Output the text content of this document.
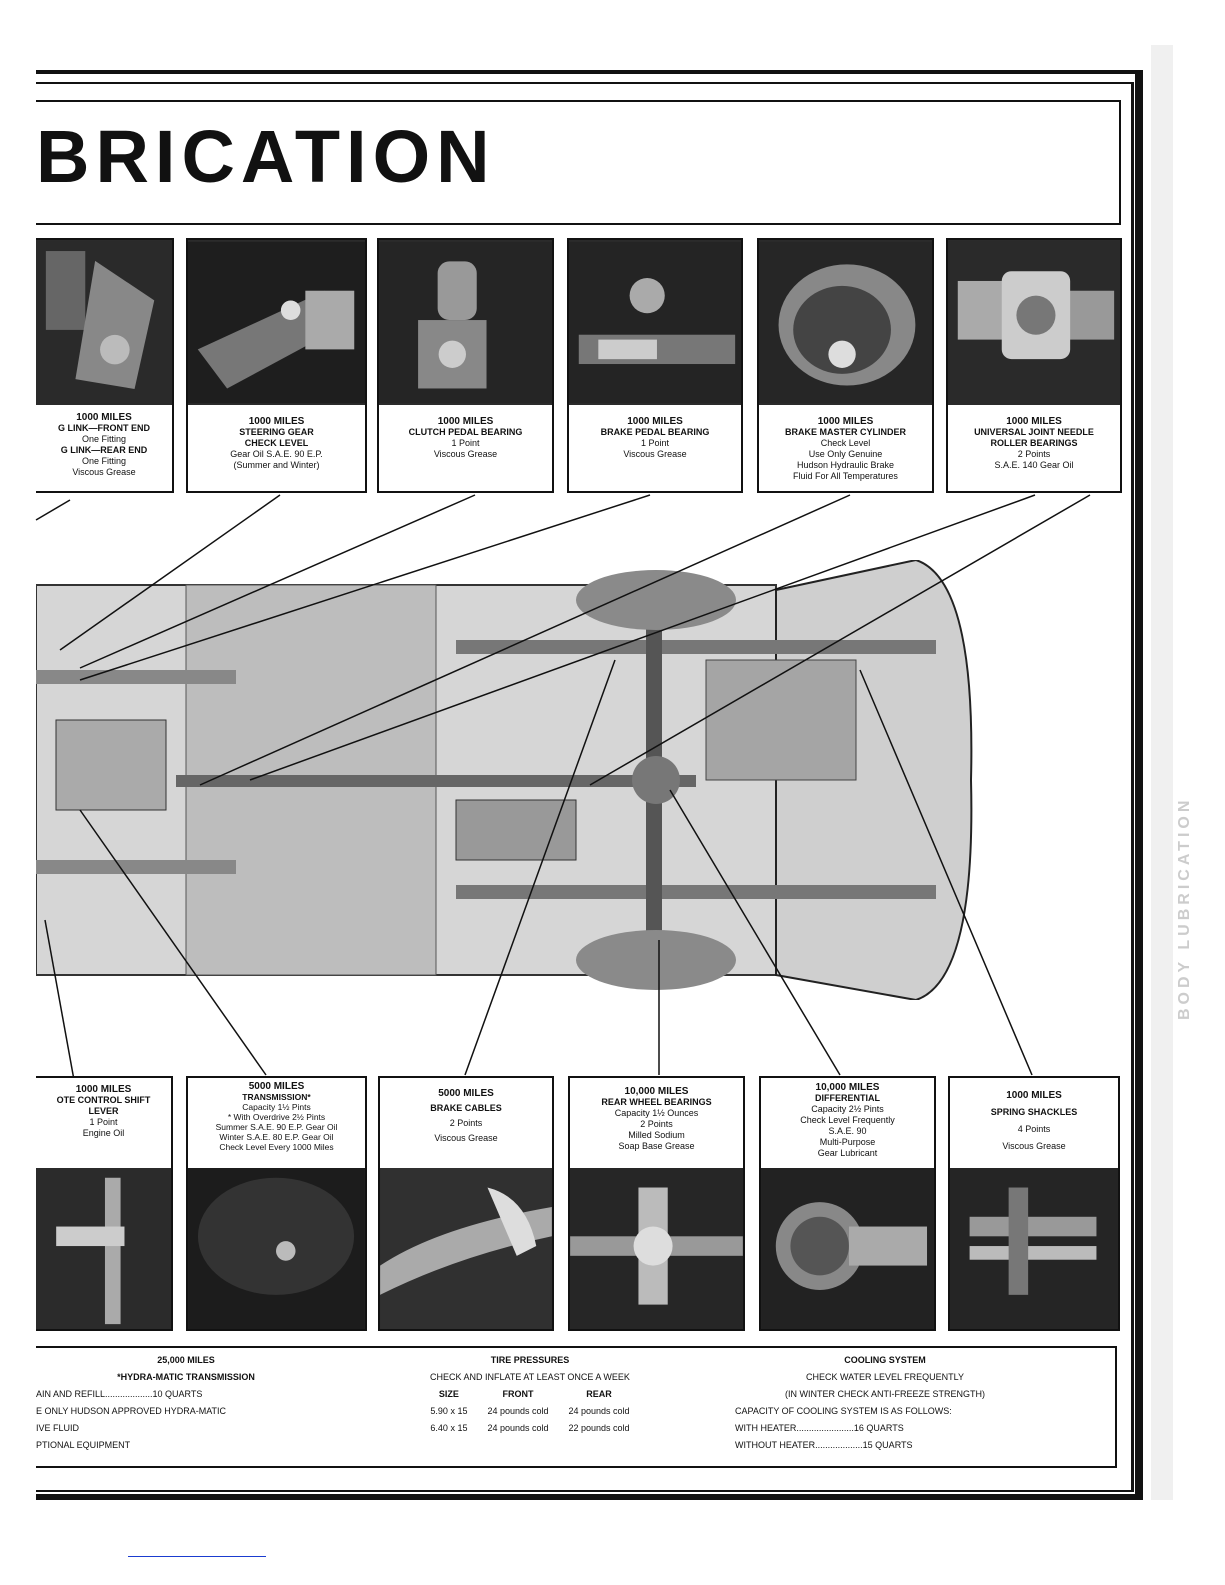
BRICATION
1000 MILES
G LINK—FRONT END
One Fitting
G LINK—REAR END
One Fitting
Viscous Grease
1000 MILES
STEERING GEAR
CHECK LEVEL
Gear Oil S.A.E. 90 E.P.
(Summer and Winter)
1000 MILES
CLUTCH PEDAL BEARING
1 Point
Viscous Grease
1000 MILES
BRAKE PEDAL BEARING
1 Point
Viscous Grease
1000 MILES
BRAKE MASTER CYLINDER
Check Level
Use Only Genuine
Hudson Hydraulic Brake
Fluid For All Temperatures
1000 MILES
UNIVERSAL JOINT NEEDLE
ROLLER BEARINGS
2 Points
S.A.E. 140 Gear Oil
1000 MILES
OTE CONTROL SHIFT
LEVER
1 Point
Engine Oil
5000 MILES
TRANSMISSION*
Capacity 1½ Pints
* With Overdrive 2½ Pints
Summer S.A.E. 90 E.P. Gear Oil
Winter S.A.E. 80 E.P. Gear Oil
Check Level Every 1000 Miles
5000 MILES
BRAKE CABLES
2 Points
Viscous Grease
10,000 MILES
REAR WHEEL BEARINGS
Capacity 1½ Ounces
2 Points
Milled Sodium
Soap Base Grease
10,000 MILES
DIFFERENTIAL
Capacity 2½ Pints
Check Level Frequently
S.A.E. 90
Multi-Purpose
Gear Lubricant
1000 MILES
SPRING SHACKLES
4 Points
Viscous Grease
25,000 MILES
*HYDRA-MATIC TRANSMISSION
AIN AND REFILL...................10 QUARTS
E ONLY HUDSON APPROVED HYDRA-MATIC
IVE FLUID
PTIONAL EQUIPMENT
TIRE PRESSURES
CHECK AND INFLATE AT LEAST ONCE A WEEK
SIZE	FRONT	REAR
5.90 x 15	24 pounds cold	24 pounds cold
6.40 x 15	24 pounds cold	22 pounds cold
COOLING SYSTEM
CHECK WATER LEVEL FREQUENTLY
(IN WINTER CHECK ANTI-FREEZE STRENGTH)
CAPACITY OF COOLING SYSTEM IS AS FOLLOWS:
WITH HEATER.......................16 QUARTS
WITHOUT HEATER...................15 QUARTS
BODY LUBRICATION
